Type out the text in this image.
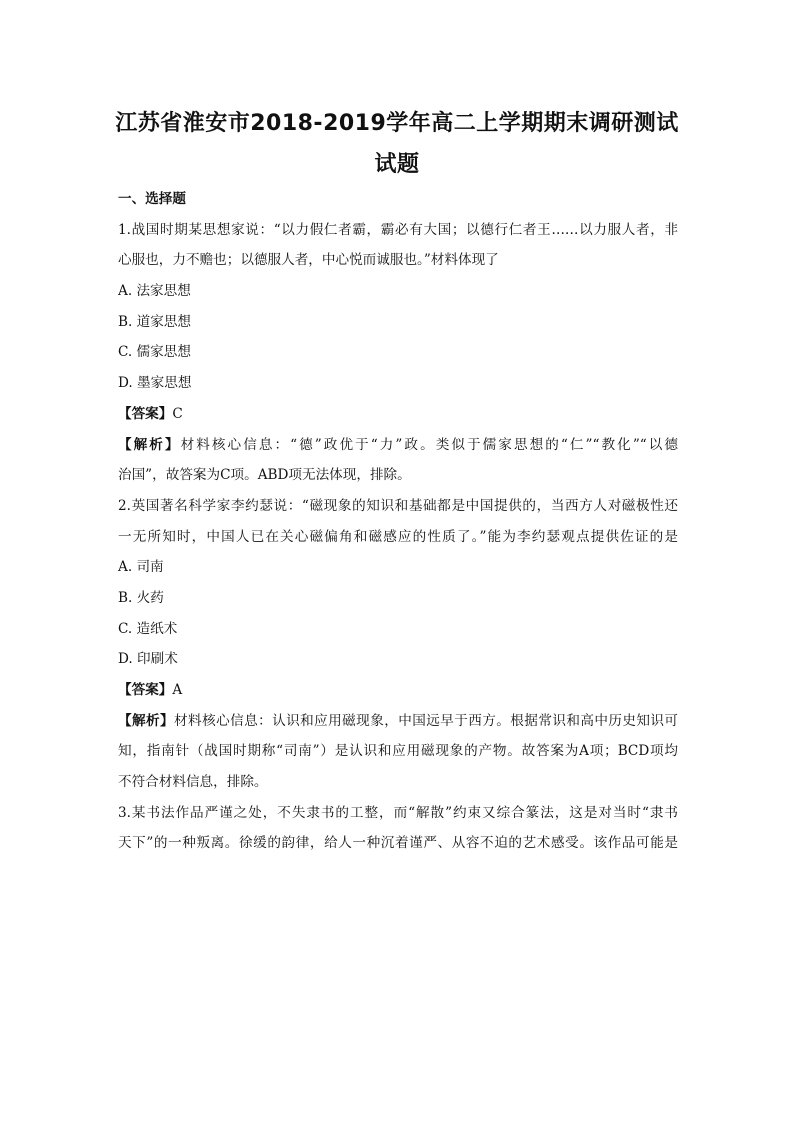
江苏省淮安市2018-2019学年高二上学期期末调研测试
试题
一、选择题
1.战国时期某思想家说：“以力假仁者霸，霸必有大国；以德行仁者王……以力服人者，非
心服也，力不赡也；以德服人者，中心悦而诚服也。”材料体现了
A. 法家思想
B. 道家思想
C. 儒家思想
D. 墨家思想
【答案】C
【解析】材料核心信息：“德”政优于“力”政。类似于儒家思想的“仁”“教化”“以德
治国”，故答案为C项。ABD项无法体现，排除。
2.英国著名科学家李约瑟说：“磁现象的知识和基础都是中国提供的，当西方人对磁极性还
一无所知时，中国人已在关心磁偏角和磁感应的性质了。”能为李约瑟观点提供佐证的是
A. 司南
B. 火药
C. 造纸术
D. 印刷术
【答案】A
【解析】材料核心信息：认识和应用磁现象，中国远早于西方。根据常识和高中历史知识可
知，指南针（战国时期称“司南”）是认识和应用磁现象的产物。故答案为A项；BCD项均
不符合材料信息，排除。
3.某书法作品严谨之处，不失隶书的工整，而“解散”约束又综合篆法，这是对当时“隶书
天下”的一种叛离。徐缓的韵律，给人一种沉着谨严、从容不迫的艺术感受。该作品可能是
